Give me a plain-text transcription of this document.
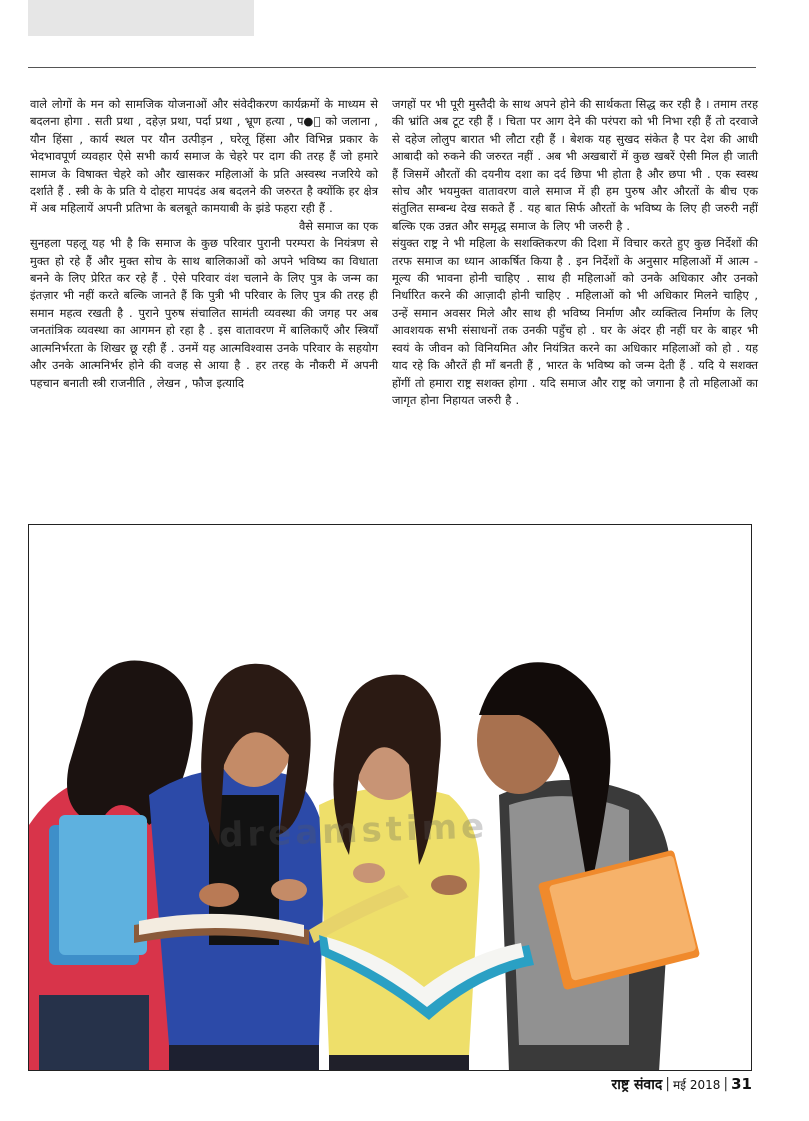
वाले लोगों के मन को सामजिक योजनाओं और संवेदीकरण कार्यक्रमों के माध्यम से बदलना होगा . सती प्रथा , दहेज़ प्रथा, पर्दा प्रथा , भ्रूण हत्या , प●ी को जलाना , यौन हिंसा , कार्य स्थल पर यौन उत्पीड़न , घरेलू हिंसा और विभिन्न प्रकार के भेदभावपूर्ण व्यवहार ऐसे सभी कार्य समाज के चेहरे पर दाग की तरह हैं जो हमारे सामज के विषाक्त चेहरे को और खासकर महिलाओं के प्रति अस्वस्थ नजरिये को दर्शाते हैं . स्त्री के के प्रति ये दोहरा मापदंड अब बदलने की जरुरत है क्योंकि हर क्षेत्र में अब महिलायें अपनी प्रतिभा के बलबूते कामयाबी के झंडे फहरा रही हैं .

वैसे समाज का एक

सुनहला पहलू यह भी है कि समाज के कुछ परिवार पुरानी परम्परा के नियंत्रण से मुक्त हो रहे हैं और मुक्त सोच के साथ बालिकाओं को अपने भविष्य का विधाता बनने के लिए प्रेरित कर रहे हैं . ऐसे परिवार वंश चलाने के लिए पुत्र के जन्म का इंतज़ार भी नहीं करते बल्कि जानते हैं कि पुत्री भी परिवार के लिए पुत्र की तरह ही समान महत्व रखती है . पुराने पुरुष संचालित सामंती व्यवस्था की जगह पर अब जनतांत्रिक व्यवस्था का आगमन हो रहा है . इस वातावरण में बालिकाएँ और स्त्रियाँ आत्मनिर्भरता के शिखर छू रही हैं . उनमें यह आत्मविश्वास उनके परिवार के सहयोग और उनके आत्मनिर्भर होने की वजह से आया है . हर तरह के नौकरी में अपनी पहचान बनाती स्त्री राजनीति , लेखन , फौज इत्यादि

जगहों पर भी पूरी मुस्तैदी के साथ अपने होने की सार्थकता सिद्ध कर रही है । तमाम तरह की भ्रांति अब टूट रही हैं । चिता पर आग देने की परंपरा को भी निभा रही हैं तो दरवाजे से दहेज लोलुप बारात भी लौटा रही हैं । बेशक यह सुखद संकेत है पर देश की आधी आबादी को रुकने की जरुरत नहीं . अब भी अखबारों में कुछ खबरें ऐसी मिल ही जाती हैं जिसमें औरतों की दयनीय दशा का दर्द छिपा भी होता है और छपा भी . एक स्वस्थ सोच और भयमुक्त वातावरण वाले समाज में ही हम पुरुष और औरतों के बीच एक संतुलित सम्बन्ध देख सकते हैं . यह बात सिर्फ औरतों के भविष्य के लिए ही जरुरी नहीं बल्कि एक उन्नत और समृद्ध समाज के लिए भी जरुरी है .

संयुक्त राष्ट्र ने भी महिला के सशक्तिकरण की दिशा में विचार करते हुए कुछ निर्देशों की तरफ समाज का ध्यान आकर्षित किया है . इन निर्देशों के अनुसार महिलाओं में आत्म - मूल्य की भावना होनी चाहिए . साथ ही महिलाओं को उनके अधिकार और उनको निर्धारित करने की आज़ादी होनी चाहिए . महिलाओं को भी अधिकार मिलने चाहिए , उन्हें समान अवसर मिले और साथ ही भविष्य निर्माण और व्यक्तित्व निर्माण के लिए आवशयक सभी संसाधनों तक उनकी पहुँच हो . घर के अंदर ही नहीं घर के बाहर भी स्वयं के जीवन को विनियमित और नियंत्रित करने का अधिकार महिलाओं को हो . यह याद रहे कि औरतें ही माँ बनती हैं , भारत के भविष्य को जन्म देती हैं . यदि ये सशक्त होंगीं तो हमारा राष्ट्र सशक्त होगा . यदि समाज और राष्ट्र को जगाना है तो महिलाओं का जागृत होना निहायत जरुरी है .

dreamstime
राष्ट्र संवाद | मई 2018 | 31
